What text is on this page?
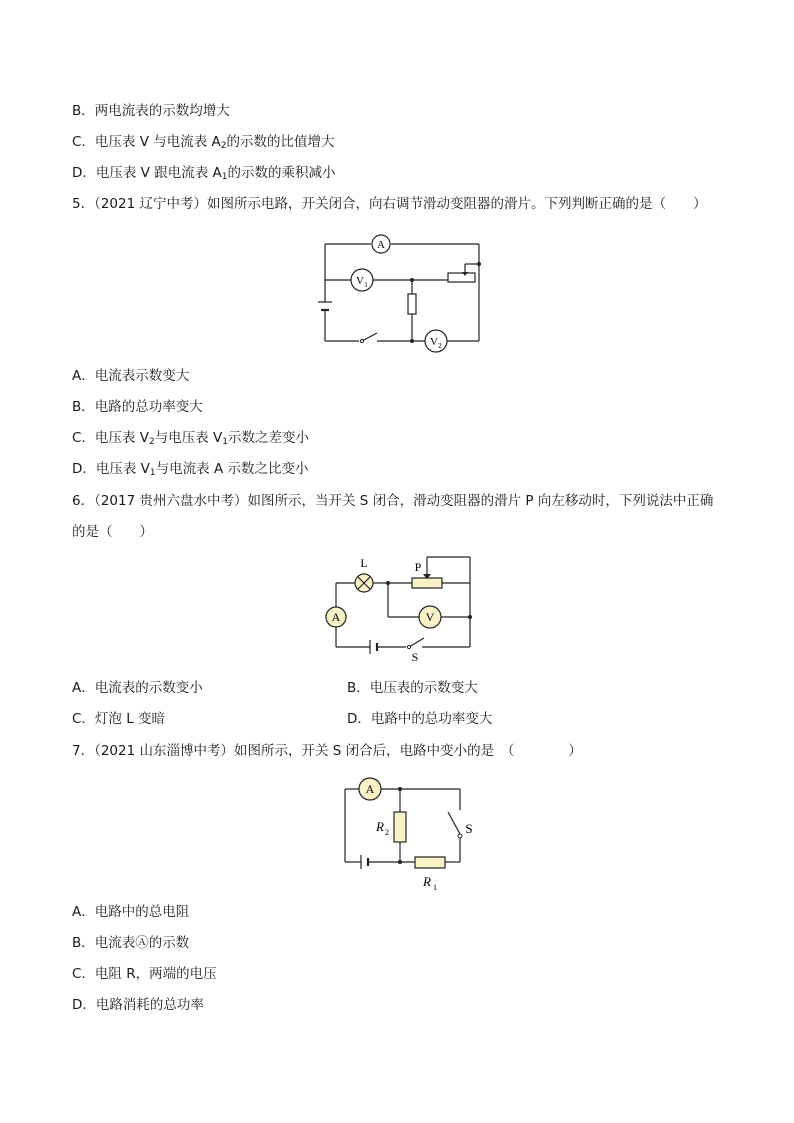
B．两电流表的示数均增大
C．电压表 V 与电流表 $A_2$的示数的比值增大
D．电压表 V 跟电流表 $A_1$的示数的乘积减小
5．（2021 辽宁中考）如图所示电路，开关闭合，向右调节滑动变阻器的滑片。下列判断正确的是（　　）
A
V 1
V 2
A．电流表示数变大
B．电路的总功率变大
C．电压表 $V_2$与电压表 $V_1$示数之差变小
D．电压表 $V_1$与电流表 A 示数之比变小
6．（2017 贵州六盘水中考）如图所示，当开关 S 闭合，滑动变阻器的滑片 P 向左移动时，下列说法中正确
的是（　　）
L	P
A	V
S
A．电流表的示数变小	B．电压表的示数变大
C．灯泡 L 变暗	D．电路中的总功率变大
7．（2021 山东淄博中考）如图所示，开关 S 闭合后，电路中变小的是　（　　　　）
A
R 2
R 1
S
A．电路中的总电阻
B．电流表Ⓐ的示数
C．电阻 R，两端的电压
D．电路消耗的总功率
